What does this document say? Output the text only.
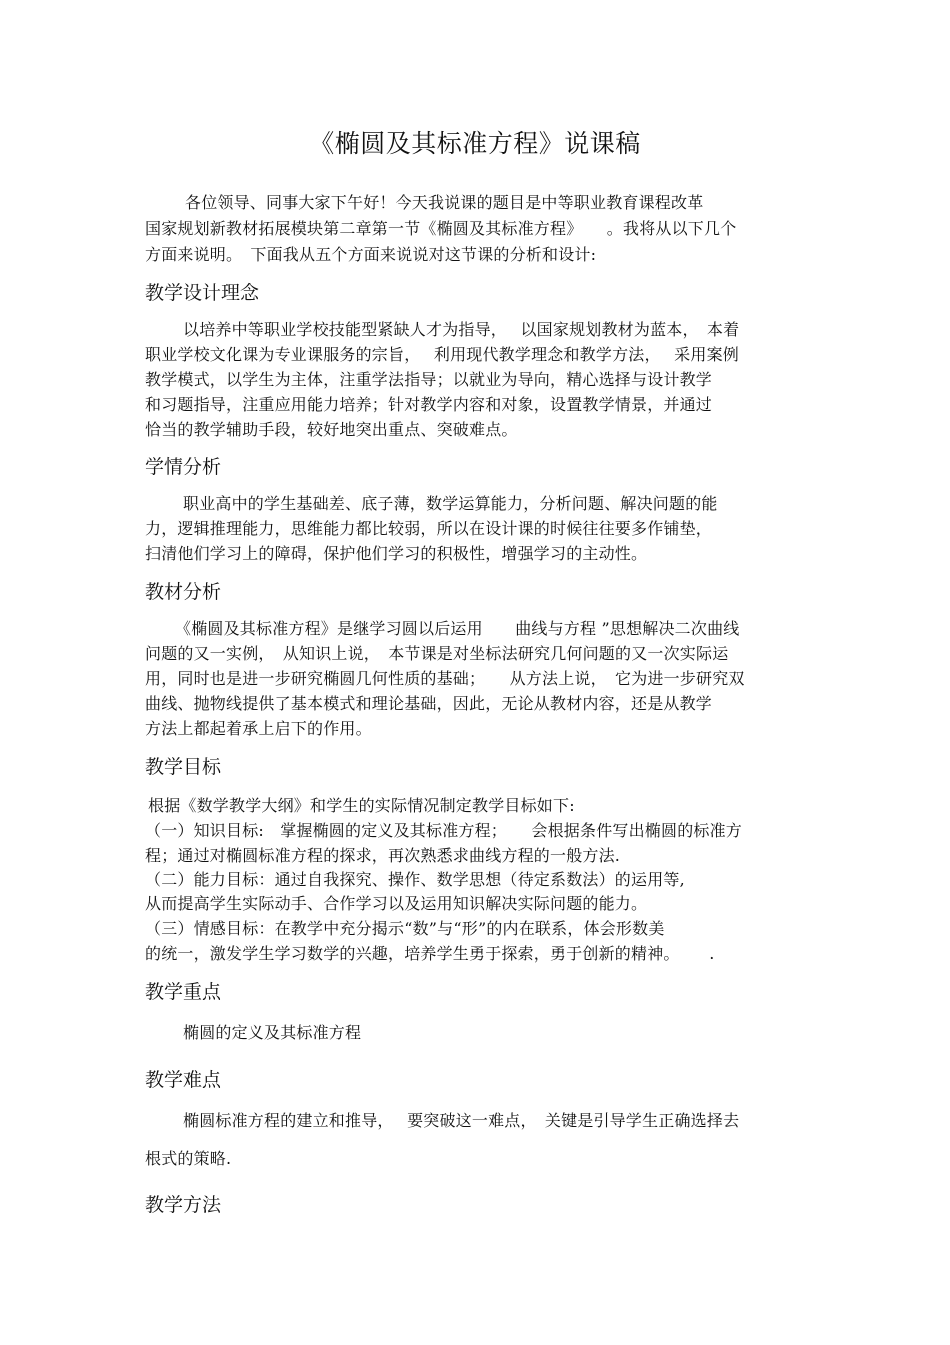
《椭圆及其标准方程》说课稿
各位领导、同事大家下午好！今天我说课的题目是中等职业教育课程改革
国家规划新教材拓展模块第二章第一节《椭圆及其标准方程》　　。我将从以下几个
方面来说明。　下面我从五个方面来说说对这节课的分析和设计:
教学设计理念
以培养中等职业学校技能型紧缺人才为指导，　 以国家规划教材为蓝本，　本着
职业学校文化课为专业课服务的宗旨，　 利用现代教学理念和教学方法，　 采用案例
教学模式，以学生为主体，注重学法指导；以就业为导向，精心选择与设计教学
和习题指导，注重应用能力培养；针对教学内容和对象，设置教学情景，并通过
恰当的教学辅助手段，较好地突出重点、突破难点。
学情分析
职业高中的学生基础差、底子薄，数学运算能力，分析问题、解决问题的能
力，逻辑推理能力，思维能力都比较弱，所以在设计课的时候往往要多作铺垫，
扫清他们学习上的障碍，保护他们学习的积极性，增强学习的主动性。
教材分析
《椭圆及其标准方程》是继学习圆以后运用　　曲线与方程 ”思想解决二次曲线
问题的又一实例，　从知识上说，　本节课是对坐标法研究几何问题的又一次实际运
用，同时也是进一步研究椭圆几何性质的基础；　　从方法上说，　它为进一步研究双
曲线、抛物线提供了基本模式和理论基础，因此，无论从教材内容，还是从教学
方法上都起着承上启下的作用。
教学目标
根据《数学教学大纲》和学生的实际情况制定教学目标如下:
（一）知识目标:　掌握椭圆的定义及其标准方程；　　会根据条件写出椭圆的标准方
程；通过对椭圆标准方程的探求，再次熟悉求曲线方程的一般方法.
（二）能力目标：通过自我探究、操作、数学思想（待定系数法）的运用等,
从而提高学生实际动手、合作学习以及运用知识解决实际问题的能力。
（三）情感目标：在教学中充分揭示“数”与“形”的内在联系，体会形数美
的统一，激发学生学习数学的兴趣，培养学生勇于探索，勇于创新的精神。　　 .
教学重点
椭圆的定义及其标准方程
教学难点
椭圆标准方程的建立和推导，　 要突破这一难点，　关键是引导学生正确选择去
根式的策略.
教学方法
